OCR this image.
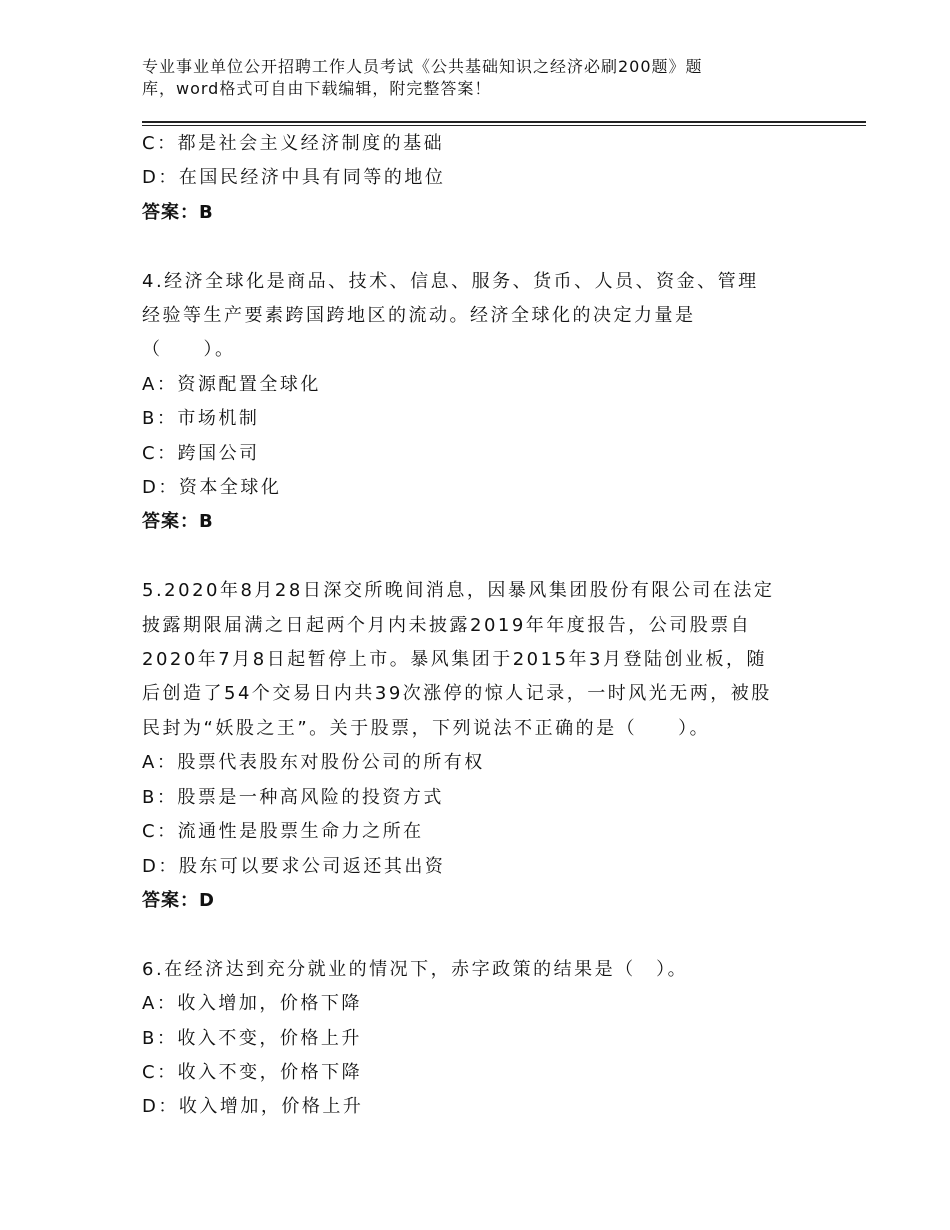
专业事业单位公开招聘工作人员考试《公共基础知识之经济必刷200题》题
库，word格式可自由下载编辑，附完整答案！
C：都是社会主义经济制度的基础
D：在国民经济中具有同等的地位
答案：B
4.经济全球化是商品、技术、信息、服务、货币、人员、资金、管理
经验等生产要素跨国跨地区的流动。经济全球化的决定力量是
（　　）。
A：资源配置全球化
B：市场机制
C：跨国公司
D：资本全球化
答案：B
5.2020年8月28日深交所晚间消息，因暴风集团股份有限公司在法定
披露期限届满之日起两个月内未披露2019年年度报告，公司股票自
2020年7月8日起暂停上市。暴风集团于2015年3月登陆创业板，随
后创造了54个交易日内共39次涨停的惊人记录，一时风光无两，被股
民封为“妖股之王”。关于股票，下列说法不正确的是（　　）。
A：股票代表股东对股份公司的所有权
B：股票是一种高风险的投资方式
C：流通性是股票生命力之所在
D：股东可以要求公司返还其出资
答案：D
6.在经济达到充分就业的情况下，赤字政策的结果是（　）。
A：收入增加，价格下降
B：收入不变，价格上升
C：收入不变，价格下降
D：收入增加，价格上升
